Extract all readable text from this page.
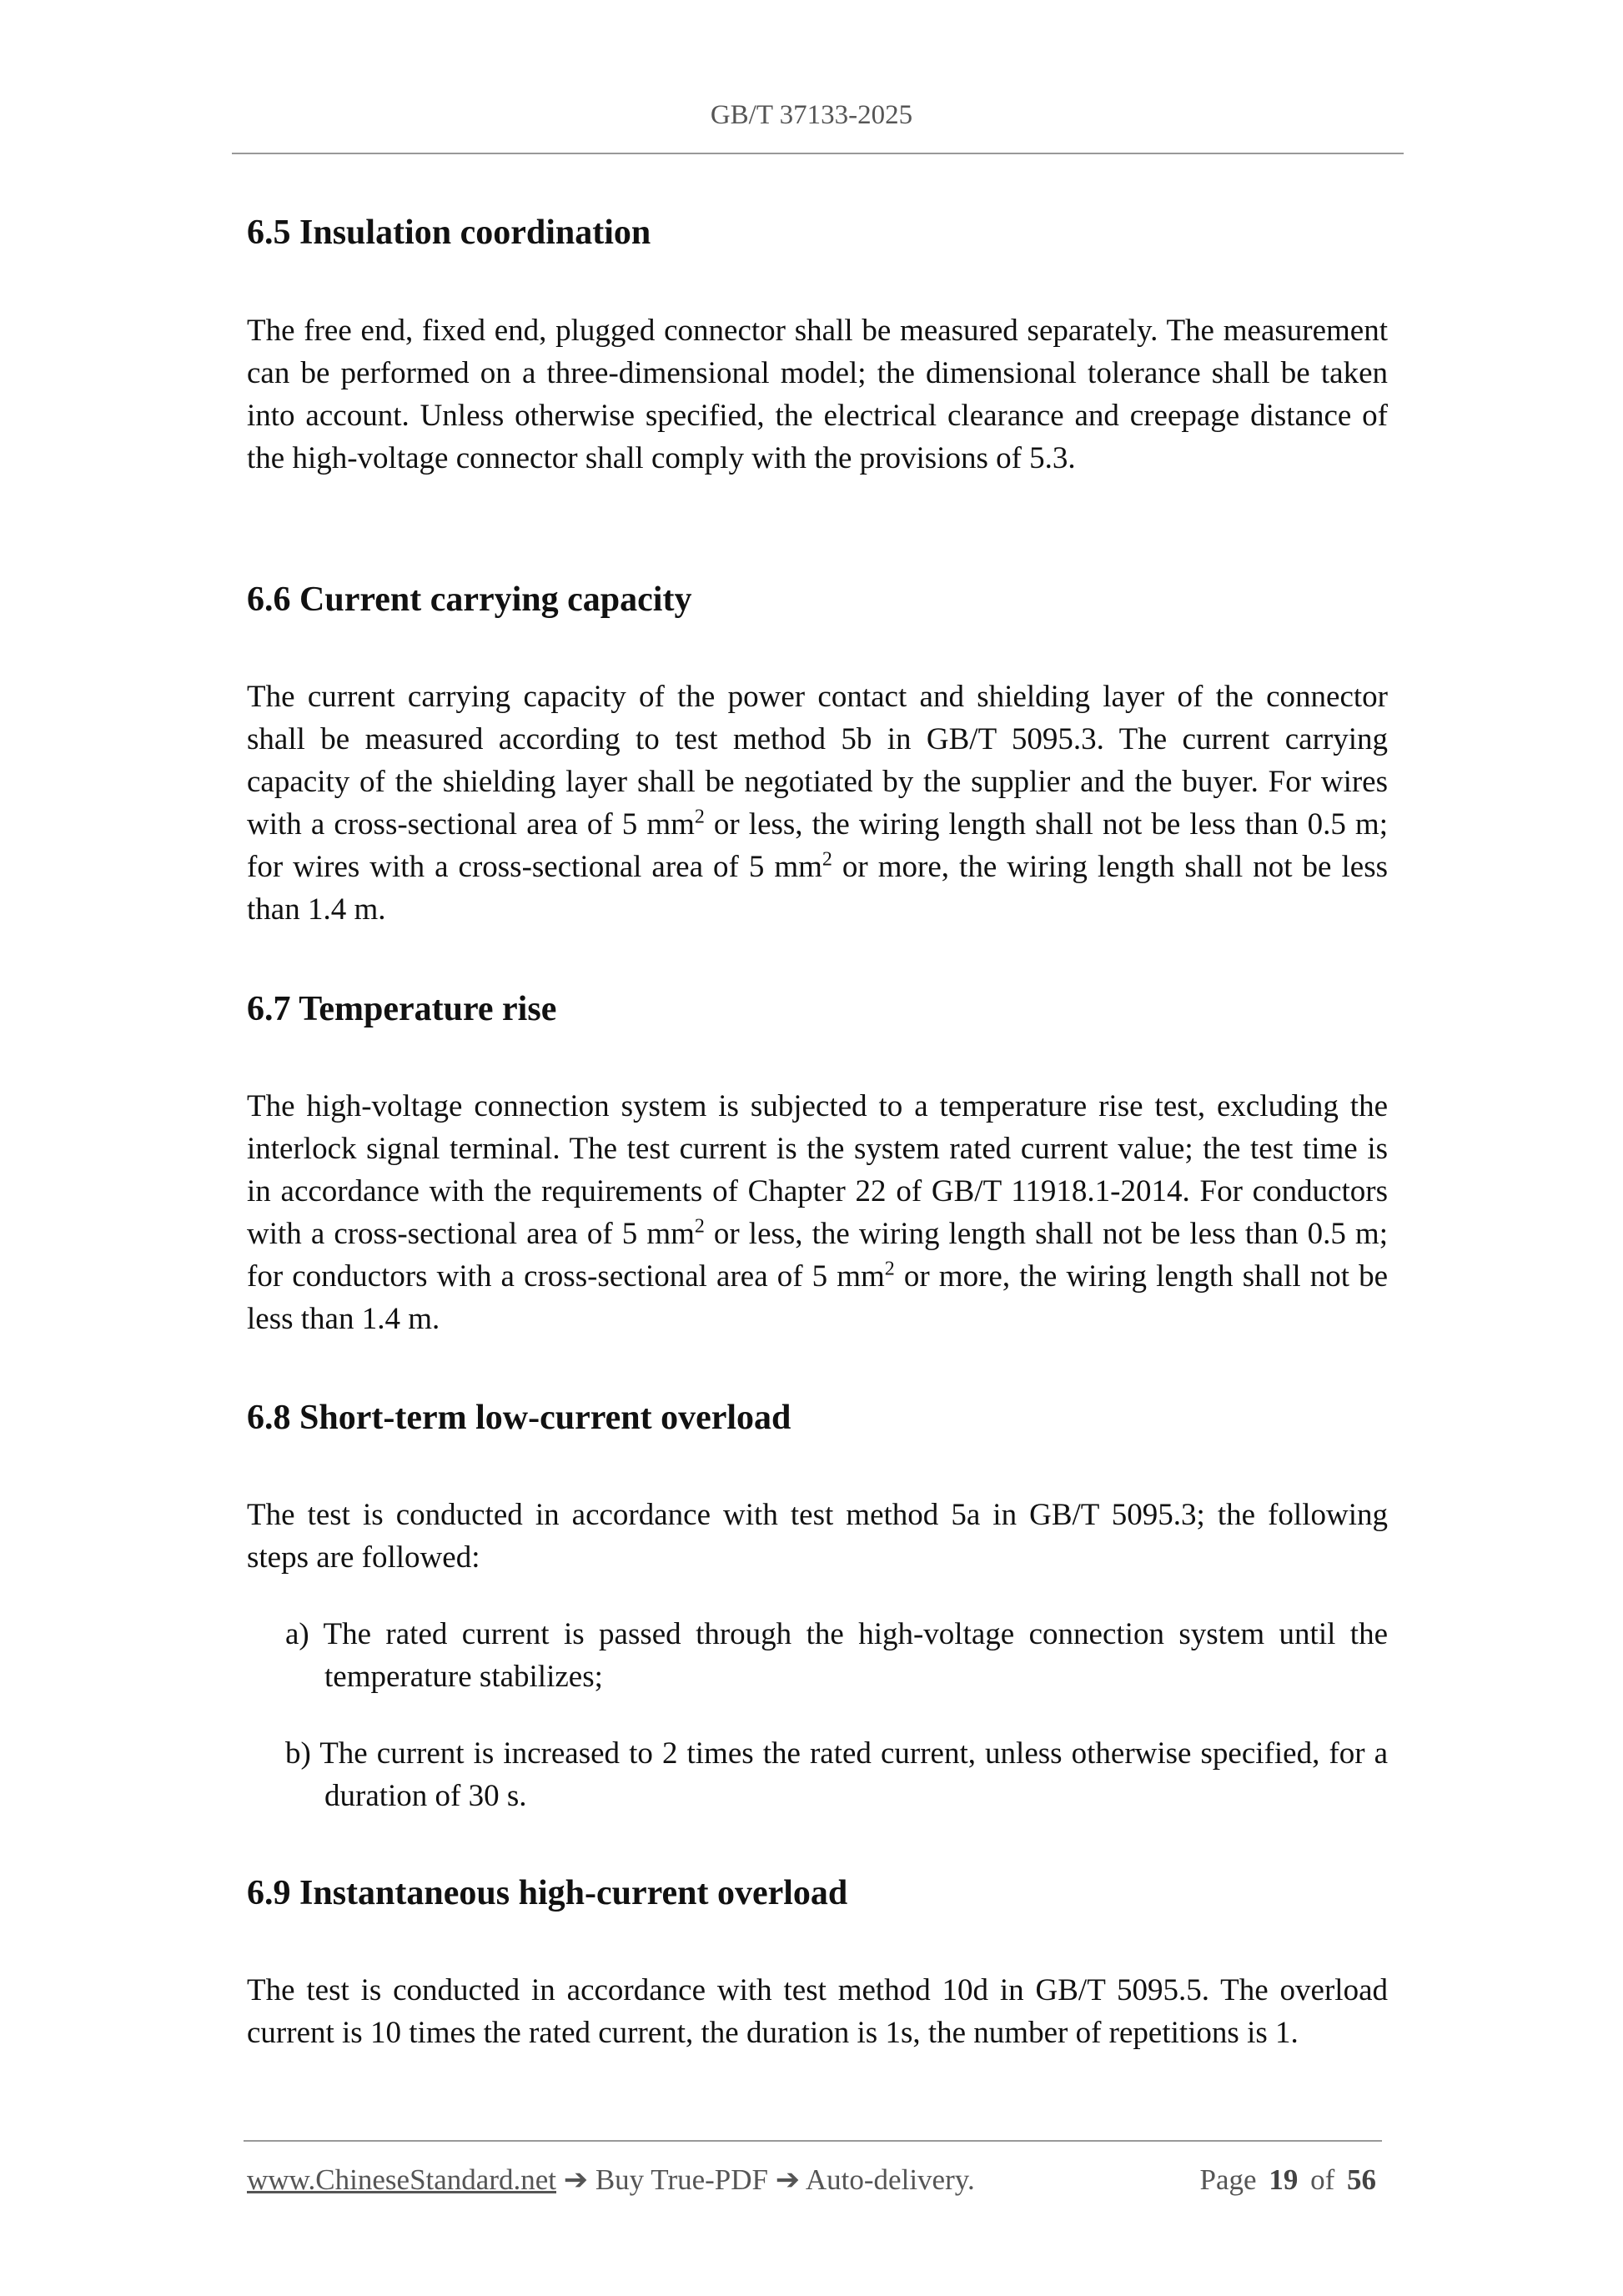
GB/T 37133-2025
6.5 Insulation coordination
The free end, fixed end, plugged connector shall be measured separately. The measurement can be performed on a three-dimensional model; the dimensional tolerance shall be taken into account. Unless otherwise specified, the electrical clearance and creepage distance of the high-voltage connector shall comply with the provisions of 5.3.
6.6 Current carrying capacity
The current carrying capacity of the power contact and shielding layer of the connector shall be measured according to test method 5b in GB/T 5095.3. The current carrying capacity of the shielding layer shall be negotiated by the supplier and the buyer. For wires with a cross-sectional area of 5 $mm^2$ or less, the wiring length shall not be less than 0.5 m; for wires with a cross-sectional area of 5 $mm^2$ or more, the wiring length shall not be less than 1.4 m.
6.7 Temperature rise
The high-voltage connection system is subjected to a temperature rise test, excluding the interlock signal terminal. The test current is the system rated current value; the test time is in accordance with the requirements of Chapter 22 of GB/T 11918.1-2014. For conductors with a cross-sectional area of 5 $mm^2$ or less, the wiring length shall not be less than 0.5 m; for conductors with a cross-sectional area of 5 $mm^2$ or more, the wiring length shall not be less than 1.4 m.
6.8 Short-term low-current overload
The test is conducted in accordance with test method 5a in GB/T 5095.3; the following steps are followed:
a) The rated current is passed through the high-voltage connection system until the temperature stabilizes;
b) The current is increased to 2 times the rated current, unless otherwise specified, for a duration of 30 s.
6.9 Instantaneous high-current overload
The test is conducted in accordance with test method 10d in GB/T 5095.5. The overload current is 10 times the rated current, the duration is 1s, the number of repetitions is 1.
www.ChineseStandard.net ➔ Buy True-PDF ➔ Auto-delivery.	Page 19 of 56
